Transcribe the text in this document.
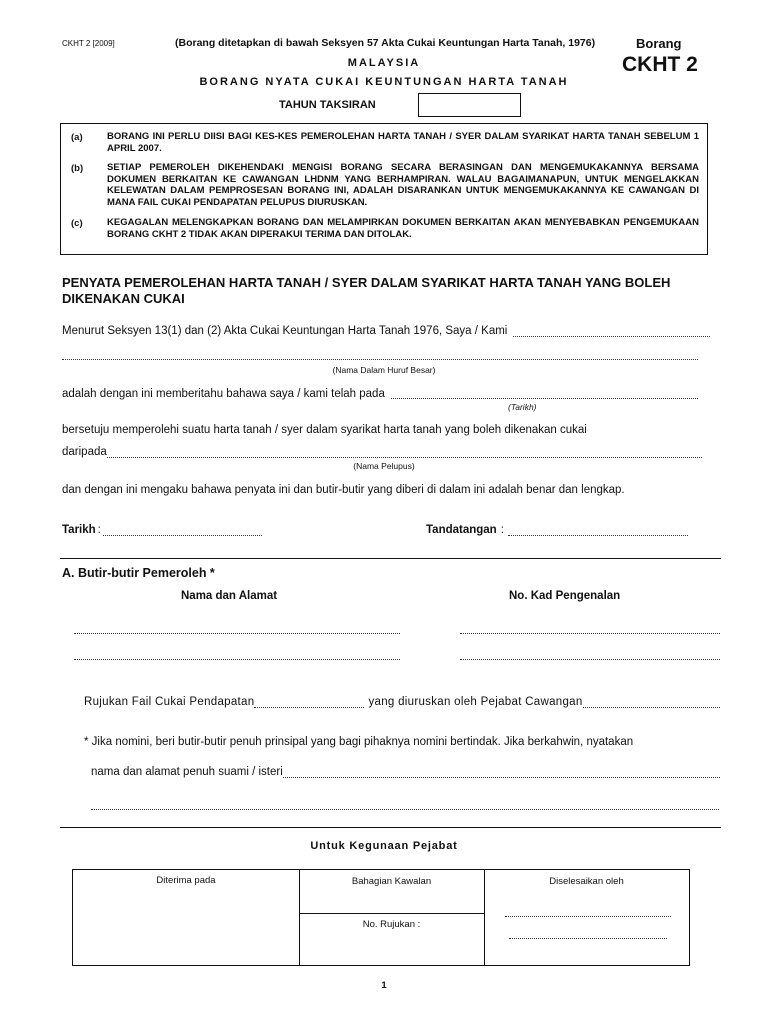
CKHT 2 [2009]	(Borang ditetapkan di bawah Seksyen 57 Akta Cukai Keuntungan Harta Tanah, 1976)	Borang
CKHT 2
MALAYSIA
BORANG NYATA CUKAI KEUNTUNGAN HARTA TANAH
TAHUN TAKSIRAN
(a)	BORANG INI PERLU DIISI BAGI KES-KES PEMEROLEHAN HARTA TANAH / SYER DALAM SYARIKAT HARTA TANAH SEBELUM 1 APRIL 2007.
(b)	SETIAP PEMEROLEH DIKEHENDAKI MENGISI BORANG SECARA BERASINGAN DAN MENGEMUKAKANNYA BERSAMA DOKUMEN BERKAITAN KE CAWANGAN LHDNM YANG BERHAMPIRAN. WALAU BAGAIMANAPUN, UNTUK MENGELAKKAN KELEWATAN DALAM PEMPROSESAN BORANG INI, ADALAH DISARANKAN UNTUK MENGEMUKAKANNYA KE CAWANGAN DI MANA FAIL CUKAI PENDAPATAN PELUPUS DIURUSKAN.
(c)	KEGAGALAN MELENGKAPKAN BORANG DAN MELAMPIRKAN DOKUMEN BERKAITAN AKAN MENYEBABKAN PENGEMUKAAN BORANG CKHT 2 TIDAK AKAN DIPERAKUI TERIMA DAN DITOLAK.
PENYATA PEMEROLEHAN HARTA TANAH / SYER DALAM SYARIKAT HARTA TANAH YANG BOLEH DIKENAKAN CUKAI
Menurut Seksyen 13(1) dan (2) Akta Cukai Keuntungan Harta Tanah 1976, Saya / Kami
(Nama Dalam Huruf Besar)
adalah dengan ini memberitahu bahawa saya / kami telah pada
(Tarikh)
bersetuju memperolehi suatu harta tanah / syer dalam syarikat harta tanah yang boleh dikenakan cukai
daripada
(Nama Pelupus)
dan dengan ini mengaku bahawa penyata ini dan butir-butir yang diberi di dalam ini adalah benar dan lengkap.
Tarikh :	Tandatangan :
A. Butir-butir Pemeroleh *
Nama dan Alamat	No. Kad Pengenalan
Rujukan Fail Cukai Pendapatan	yang diuruskan oleh Pejabat Cawangan
* Jika nomini, beri butir-butir penuh prinsipal yang bagi pihaknya nomini bertindak. Jika berkahwin, nyatakan
nama dan alamat penuh suami / isteri
Untuk Kegunaan Pejabat
Diterima pada	Bahagian Kawalan
No. Rujukan :
Diselesaikan oleh
1
